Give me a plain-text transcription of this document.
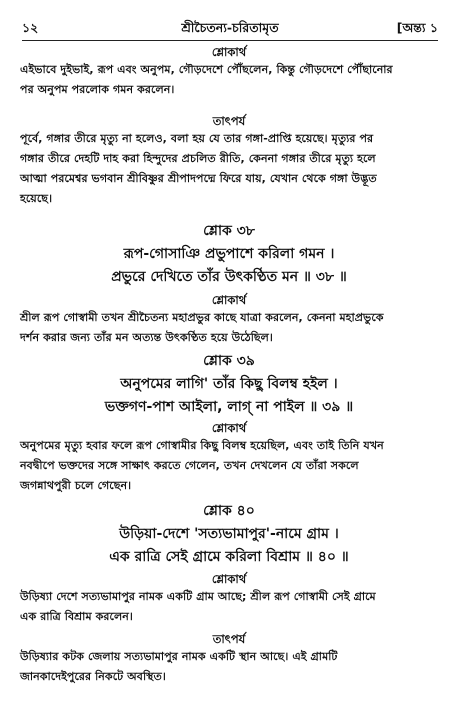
১২	শ্রীচৈতন্য-চরিতামৃত	[অন্ত্য ১
শ্লোকার্থ
এইভাবে দুইভাই, রূপ এবং অনুপম, গৌড়দেশে পৌঁছলেন, কিন্তু গৌড়দেশে পৌঁছানোর
পর অনুপম পরলোক গমন করলেন।
তাৎপর্য
পূর্বে, গঙ্গার তীরে মৃত্যু না হলেও, বলা হয় যে তার গঙ্গা-প্রাপ্তি হয়েছে। মৃত্যুর পর
গঙ্গার তীরে দেহটি দাহ করা হিন্দুদের প্রচলিত রীতি, কেননা গঙ্গার তীরে মৃত্যু হলে
আত্মা পরমেশ্বর ভগবান শ্রীবিষ্ণুর শ্রীপাদপদ্মে ফিরে যায়, যেখান থেকে গঙ্গা উদ্ভূত
হয়েছে।
শ্লোক ৩৮
রূপ-গোসাঞি প্রভুপাশে করিলা গমন ।
প্রভুরে দেখিতে তাঁর উৎকণ্ঠিত মন ॥ ৩৮ ॥
শ্লোকার্থ
শ্রীল রূপ গোস্বামী তখন শ্রীচৈতন্য মহাপ্রভুর কাছে যাত্রা করলেন, কেননা মহাপ্রভুকে
দর্শন করার জন্য তাঁর মন অত্যন্ত উৎকণ্ঠিত হয়ে উঠেছিল।
শ্লোক ৩৯
অনুপমের লাগি' তাঁর কিছু বিলম্ব হইল ।
ভক্তগণ-পাশ আইলা, লাগ্‌ না পাইল ॥ ৩৯ ॥
শ্লোকার্থ
অনুপমের মৃত্যু হবার ফলে রূপ গোস্বামীর কিছু বিলম্ব হয়েছিল, এবং তাই তিনি যখন
নবদ্বীপে ভক্তদের সঙ্গে সাক্ষাৎ করতে গেলেন, তখন দেখলেন যে তাঁরা সকলে
জগন্নাথপুরী চলে গেছেন।
শ্লোক ৪০
উড়িয়া-দেশে 'সত্যভামাপুর'-নামে গ্রাম ।
এক রাত্রি সেই গ্রামে করিলা বিশ্রাম ॥ ৪০ ॥
শ্লোকার্থ
উড়িষ্যা দেশে সত্যভামাপুর নামক একটি গ্রাম আছে; শ্রীল রূপ গোস্বামী সেই গ্রামে
এক রাত্রি বিশ্রাম করলেন।
তাৎপর্য
উড়িষ্যার কটক জেলায় সত্যভামাপুর নামক একটি স্থান আছে। এই গ্রামটি
জানকাদেইপুরের নিকটে অবস্থিত।
